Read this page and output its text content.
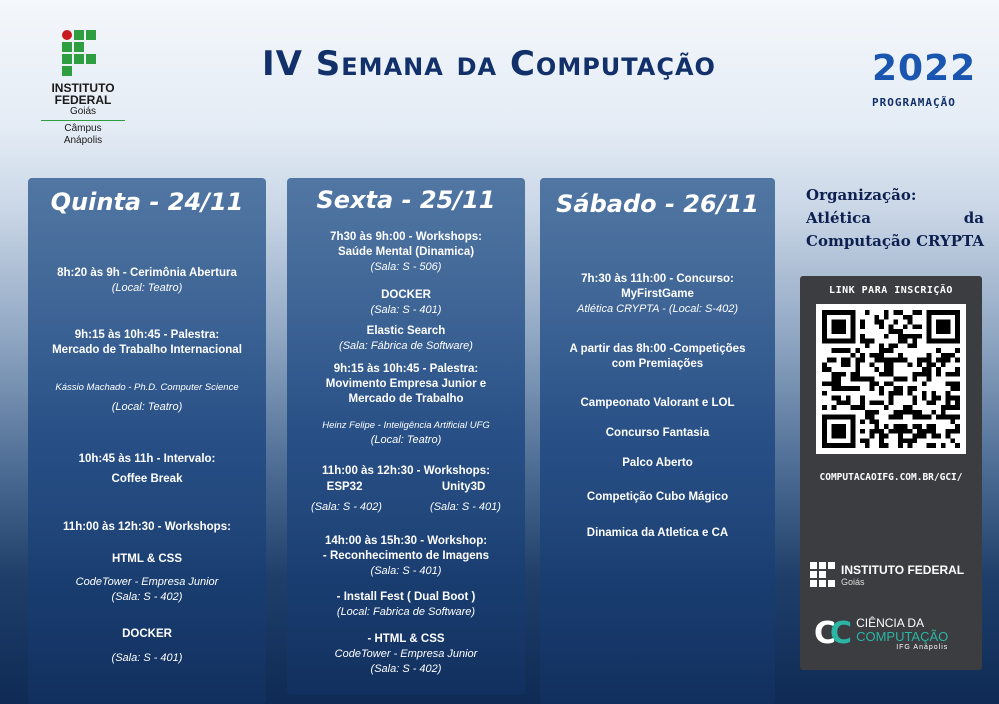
INSTITUTO
FEDERAL
Goiás
Câmpus
Anápolis
IV Semana da Computação	2022
PROGRAMAÇÃO
Quinta - 24/11
8h:20 às 9h - Cerimônia Abertura
(Local: Teatro)
9h:15 às 10h:45 - Palestra:
Mercado de Trabalho Internacional
Kássio Machado - Ph.D. Computer Science
(Local: Teatro)
10h:45 às 11h - Intervalo:
Coffee Break
11h:00 às 12h:30 - Workshops:
HTML & CSS
CodeTower - Empresa Junior
(Sala: S - 402)
DOCKER
(Sala: S - 401)
Sexta - 25/11
7h30 às 9h:00 - Workshops:
Saúde Mental (Dinamica)
(Sala: S - 506)
DOCKER
(Sala: S - 401)
Elastic Search
(Sala: Fábrica de Software)
9h:15 às 10h:45 - Palestra:
Movimento Empresa Junior e
Mercado de Trabalho
Heinz Felipe - Inteligência Artificial UFG
(Local: Teatro)
11h:00 às 12h:30 - Workshops:
ESP32	Unity3D
(Sala: S - 402)	(Sala: S - 401)
14h:00 às 15h:30 - Workshop:
- Reconhecimento de Imagens
(Sala: S - 401)
- Install Fest ( Dual Boot )
(Local: Fabrica de Software)
- HTML & CSS
CodeTower - Empresa Junior
(Sala: S - 402)
Sábado - 26/11
7h:30 às 11h:00 - Concurso:
MyFirstGame
Atlética CRYPTA - (Local: S-402)
A partir das 8h:00 -Competições
com Premiações
Campeonato Valorant e LOL
Concurso Fantasia
Palco Aberto
Competição Cubo Mágico
Dinamica da Atletica e CA
Organização:
Atlética	da
Computação CRYPTA
LINK PARA INSCRIÇÃO
COMPUTACAOIFG.COM.BR/GCI/
INSTITUTO FEDERAL
Goiás
CC CIÊNCIA DA
COMPUTAÇÃO
IFG Anápolis
